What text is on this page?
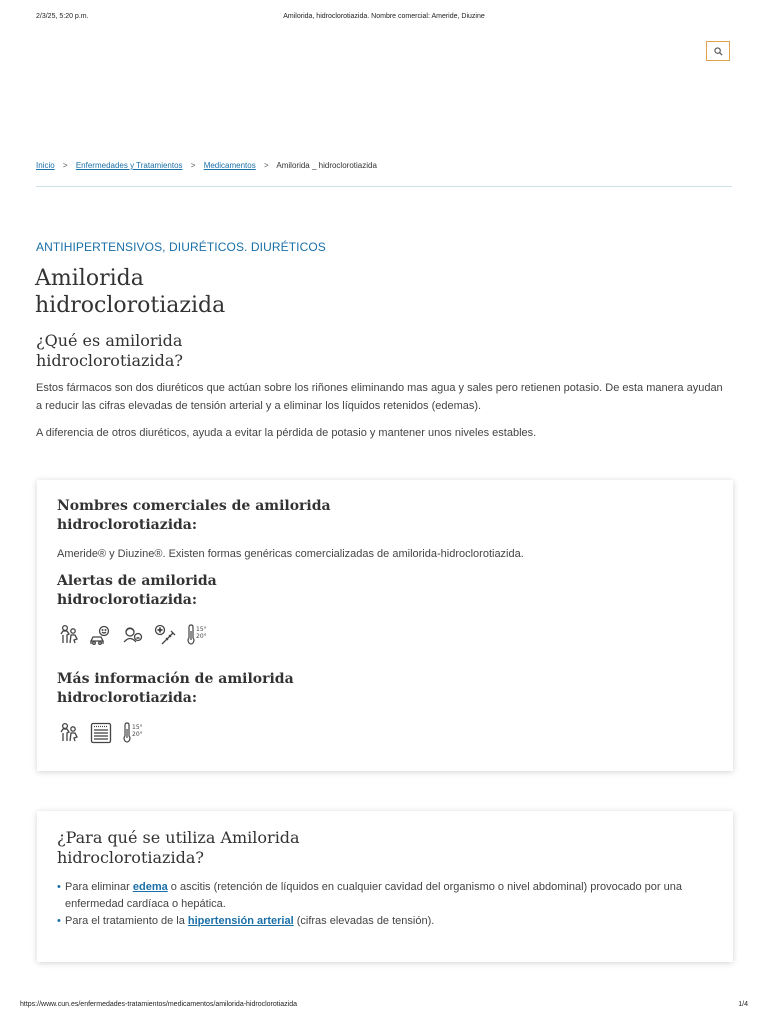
2/3/25, 5:20 p.m.	Amilorida, hidroclorotiazida. Nombre comercial: Ameride, Diuzine
Inicio > Enfermedades y Tratamientos > Medicamentos > Amilorida _ hidroclorotiazida
ANTIHIPERTENSIVOS, DIURÉTICOS. DIURÉTICOS
Amilorida
hidroclorotiazida
¿Qué es amilorida
hidroclorotiazida?

Estos fármacos son dos diuréticos que actúan sobre los riñones eliminando mas agua y sales pero retienen potasio. De esta manera ayudan a reducir las cifras elevadas de tensión arterial y a eliminar los líquidos retenidos (edemas).

A diferencia de otros diuréticos, ayuda a evitar la pérdida de potasio y mantener unos niveles estables.

Nombres comerciales de amilorida
hidroclorotiazida:

Ameride® y Diuzine®. Existen formas genéricas comercializadas de amilorida-hidroclorotiazida.

Alertas de amilorida
hidroclorotiazida:
15°
20°
Más información de amilorida
hidroclorotiazida:
15°
20°
¿Para qué se utiliza Amilorida
hidroclorotiazida?
• Para eliminar edema o ascitis (retención de líquidos en cualquier cavidad del organismo o nivel abdominal) provocado por una enfermedad cardíaca o hepática.
• Para el tratamiento de la hipertensión arterial (cifras elevadas de tensión).
https://www.cun.es/enfermedades-tratamientos/medicamentos/amilorida-hidroclorotiazida	1/4
